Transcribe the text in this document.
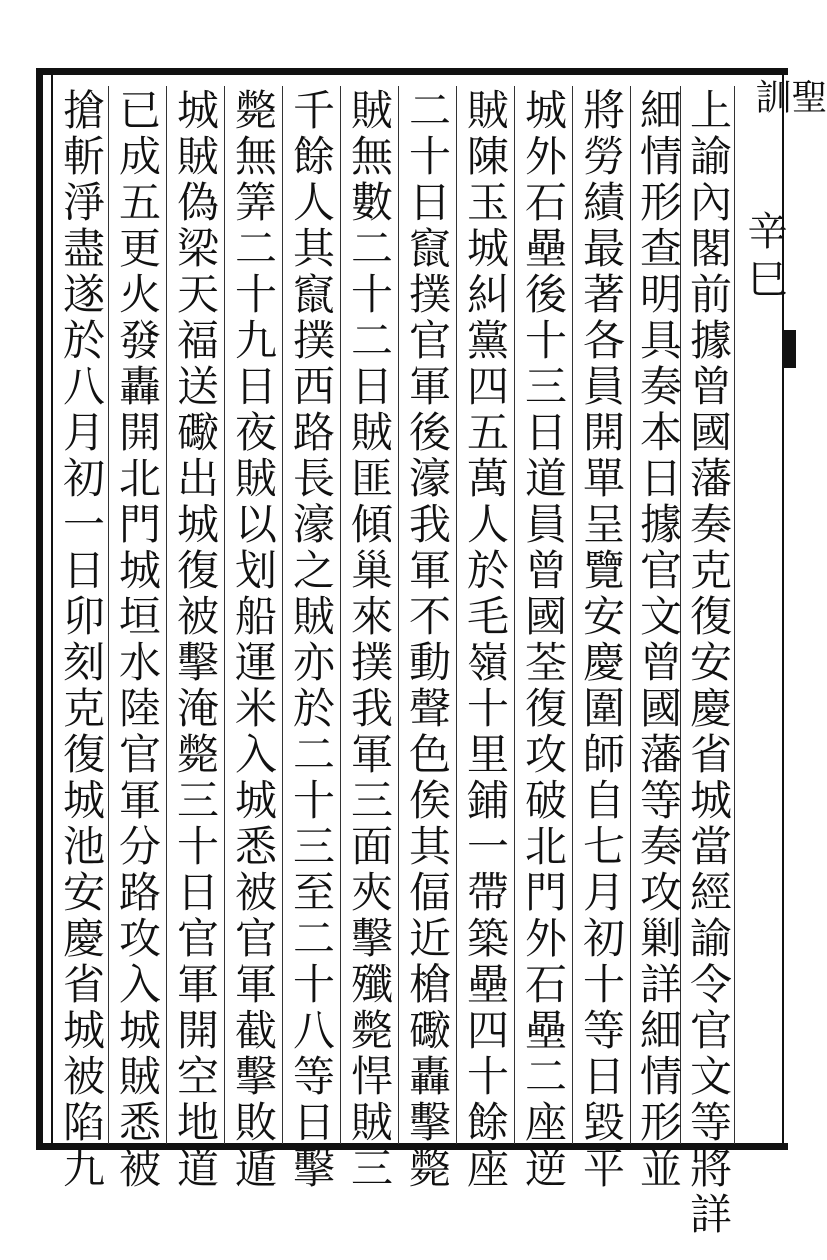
聖訓
辛巳
上諭內閣前據曾國藩奏克復安慶省城當經諭令官文等將詳
細情形查明具奏本日據官文曾國藩等奏攻剿詳細情形並
將勞績最著各員開單呈覽安慶圍師自七月初十等日毀平
城外石壘後十三日道員曾國荃復攻破北門外石壘二座逆
賊陳玉城糾黨四五萬人於毛嶺十里鋪一帶築壘四十餘座
二十日竄撲官軍後濠我軍不動聲色俟其偪近槍礮轟擊斃
賊無數二十二日賊匪傾巢來撲我軍三面夾擊殲斃悍賊三
千餘人其竄撲西路長濠之賊亦於二十三至二十八等日擊
斃無筭二十九日夜賊以划船運米入城悉被官軍截擊敗遁
城賊偽梁天福送礮出城復被擊淹斃三十日官軍開空地道
已成五更火發轟開北門城垣水陸官軍分路攻入城賊悉被
搶斬淨盡遂於八月初一日卯刻克復城池安慶省城被陷九
